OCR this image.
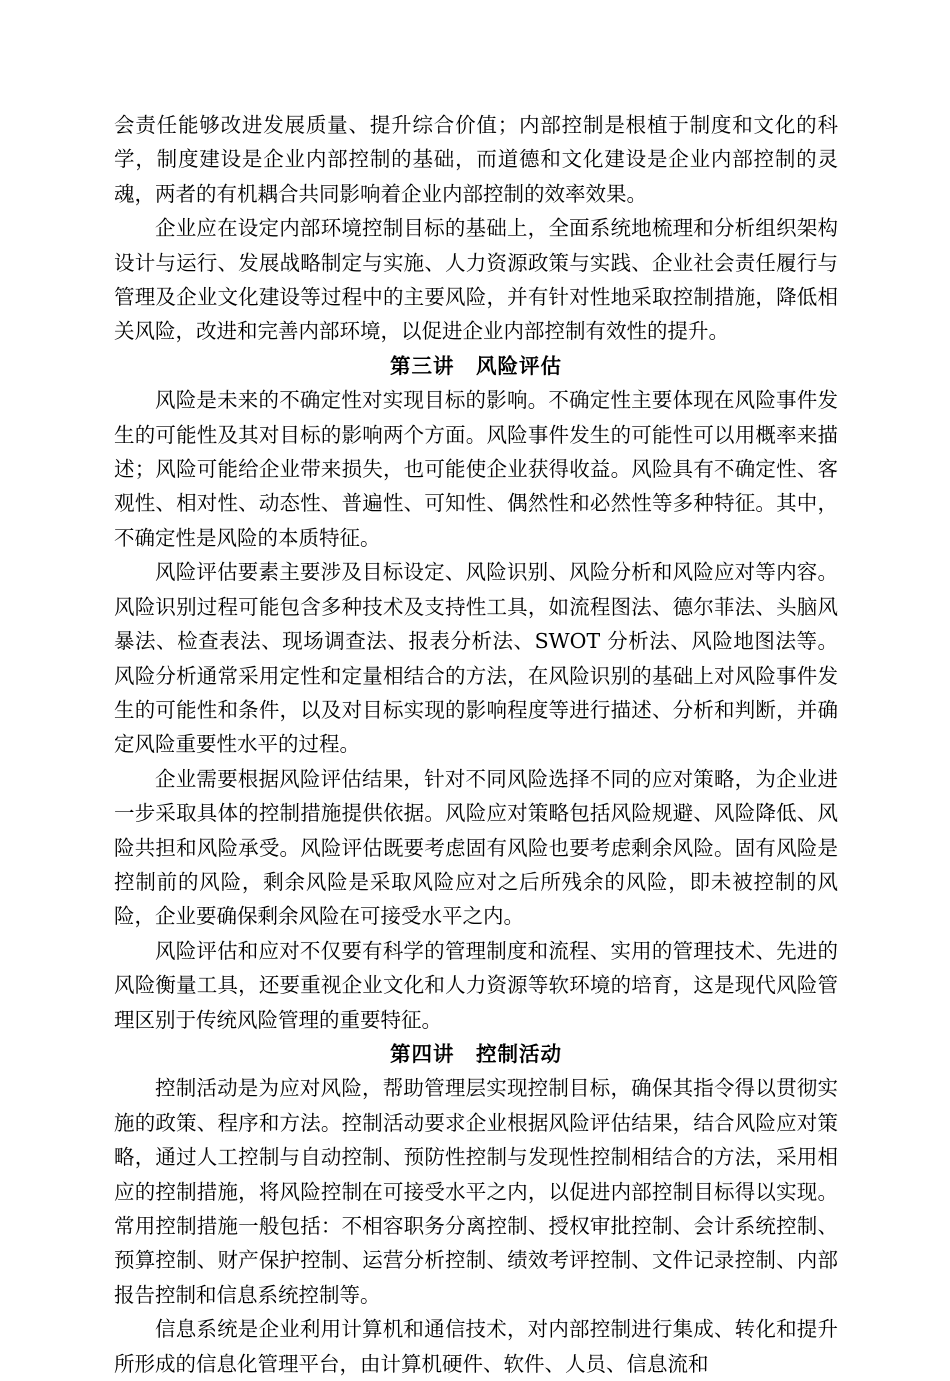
会责任能够改进发展质量、提升综合价值；内部控制是根植于制度和文化的科学，制度建设是企业内部控制的基础，而道德和文化建设是企业内部控制的灵魂，两者的有机耦合共同影响着企业内部控制的效率效果。

企业应在设定内部环境控制目标的基础上，全面系统地梳理和分析组织架构设计与运行、发展战略制定与实施、人力资源政策与实践、企业社会责任履行与管理及企业文化建设等过程中的主要风险，并有针对性地采取控制措施，降低相关风险，改进和完善内部环境，以促进企业内部控制有效性的提升。

第三讲　风险评估

风险是未来的不确定性对实现目标的影响。不确定性主要体现在风险事件发生的可能性及其对目标的影响两个方面。风险事件发生的可能性可以用概率来描述；风险可能给企业带来损失，也可能使企业获得收益。风险具有不确定性、客观性、相对性、动态性、普遍性、可知性、偶然性和必然性等多种特征。其中，不确定性是风险的本质特征。

风险评估要素主要涉及目标设定、风险识别、风险分析和风险应对等内容。风险识别过程可能包含多种技术及支持性工具，如流程图法、德尔菲法、头脑风暴法、检查表法、现场调查法、报表分析法、SWOT 分析法、风险地图法等。风险分析通常采用定性和定量相结合的方法，在风险识别的基础上对风险事件发生的可能性和条件，以及对目标实现的影响程度等进行描述、分析和判断，并确定风险重要性水平的过程。

企业需要根据风险评估结果，针对不同风险选择不同的应对策略，为企业进一步采取具体的控制措施提供依据。风险应对策略包括风险规避、风险降低、风险共担和风险承受。风险评估既要考虑固有风险也要考虑剩余风险。固有风险是控制前的风险，剩余风险是采取风险应对之后所残余的风险，即未被控制的风险，企业要确保剩余风险在可接受水平之内。

风险评估和应对不仅要有科学的管理制度和流程、实用的管理技术、先进的风险衡量工具，还要重视企业文化和人力资源等软环境的培育，这是现代风险管理区别于传统风险管理的重要特征。

第四讲　控制活动

控制活动是为应对风险，帮助管理层实现控制目标，确保其指令得以贯彻实施的政策、程序和方法。控制活动要求企业根据风险评估结果，结合风险应对策略，通过人工控制与自动控制、预防性控制与发现性控制相结合的方法，采用相应的控制措施，将风险控制在可接受水平之内，以促进内部控制目标得以实现。常用控制措施一般包括：不相容职务分离控制、授权审批控制、会计系统控制、预算控制、财产保护控制、运营分析控制、绩效考评控制、文件记录控制、内部报告控制和信息系统控制等。

信息系统是企业利用计算机和通信技术，对内部控制进行集成、转化和提升所形成的信息化管理平台，由计算机硬件、软件、人员、信息流和
